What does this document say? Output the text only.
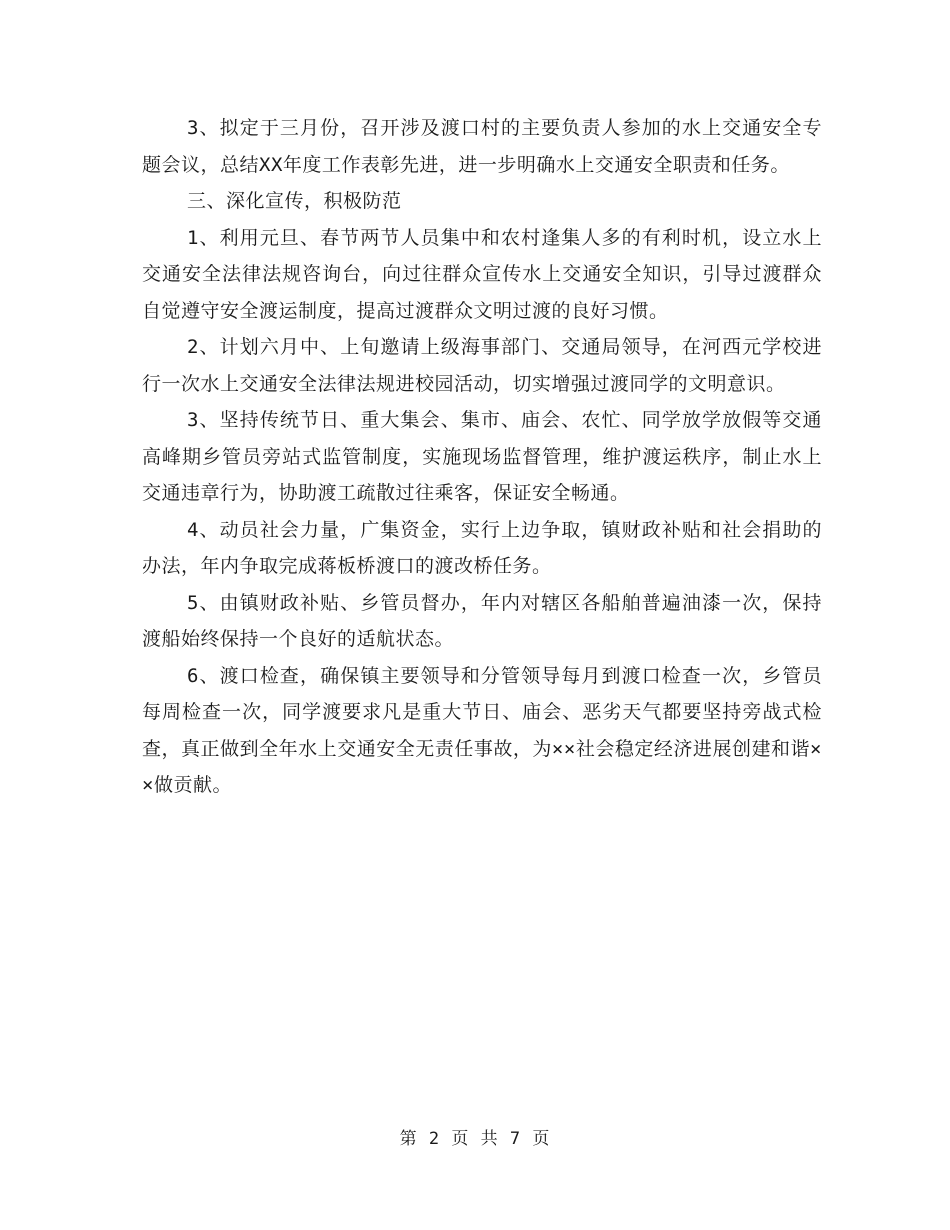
3、拟定于三月份，召开涉及渡口村的主要负责人参加的水上交通安全专题会议，总结XX年度工作表彰先进，进一步明确水上交通安全职责和任务。

三、深化宣传，积极防范

1、利用元旦、春节两节人员集中和农村逢集人多的有利时机，设立水上交通安全法律法规咨询台，向过往群众宣传水上交通安全知识，引导过渡群众自觉遵守安全渡运制度，提高过渡群众文明过渡的良好习惯。

2、计划六月中、上旬邀请上级海事部门、交通局领导，在河西元学校进行一次水上交通安全法律法规进校园活动，切实增强过渡同学的文明意识。

3、坚持传统节日、重大集会、集市、庙会、农忙、同学放学放假等交通高峰期乡管员旁站式监管制度，实施现场监督管理，维护渡运秩序，制止水上交通违章行为，协助渡工疏散过往乘客，保证安全畅通。

4、动员社会力量，广集资金，实行上边争取，镇财政补贴和社会捐助的办法，年内争取完成蒋板桥渡口的渡改桥任务。

5、由镇财政补贴、乡管员督办，年内对辖区各船舶普遍油漆一次，保持渡船始终保持一个良好的适航状态。

6、渡口检查，确保镇主要领导和分管领导每月到渡口检查一次，乡管员每周检查一次，同学渡要求凡是重大节日、庙会、恶劣天气都要坚持旁战式检查，真正做到全年水上交通安全无责任事故，为××社会稳定经济进展创建和谐××做贡献。

第 2 页 共 7 页
